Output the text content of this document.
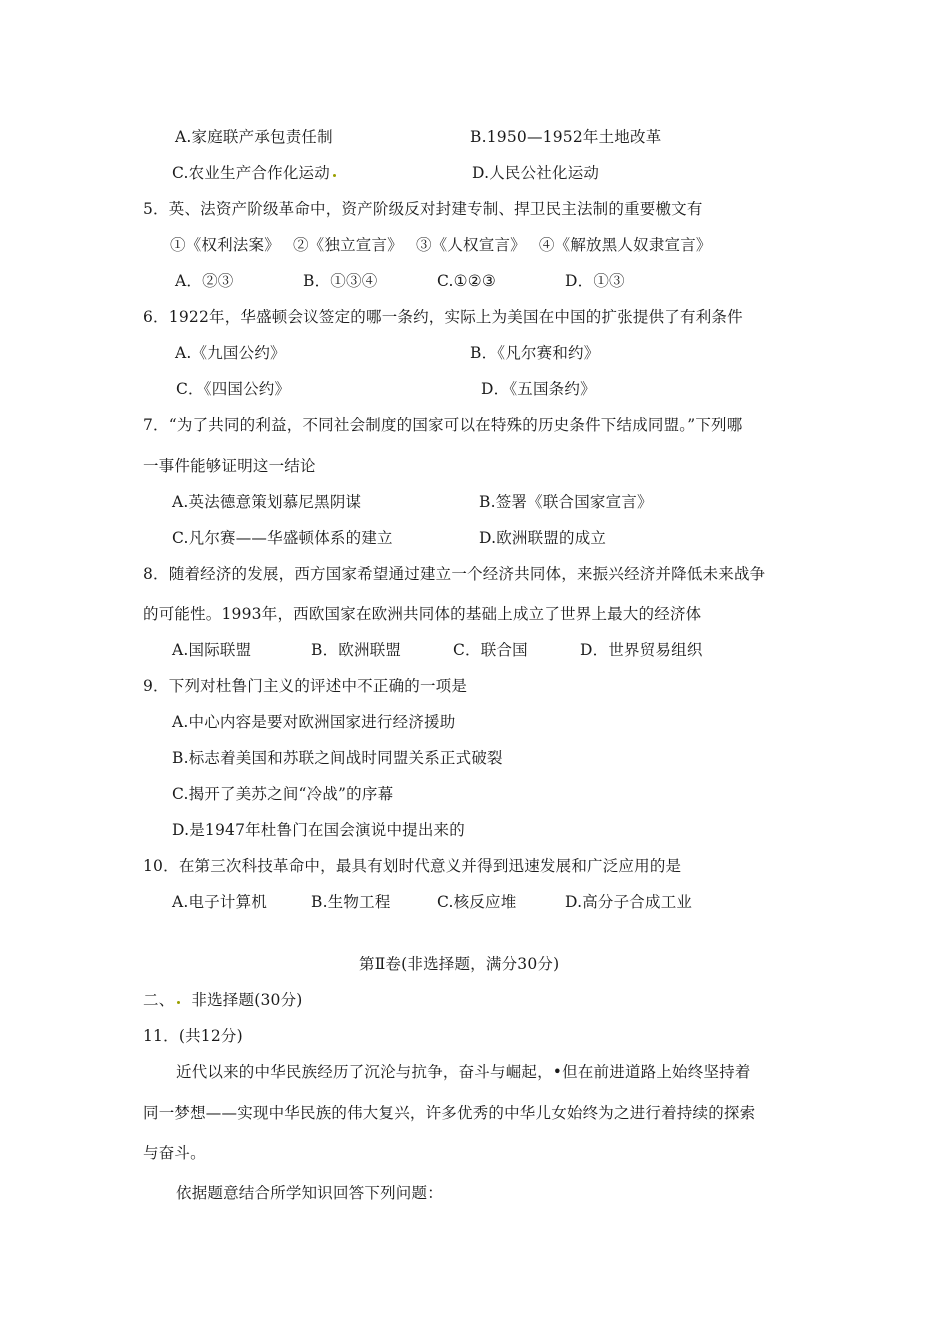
A.家庭联产承包责任制	B.1950—1952年土地改革
C.农业生产合作化运动	D.人民公社化运动
5．英、法资产阶级革命中，资产阶级反对封建专制、捍卫民主法制的重要檄文有
①《权利法案》　 ②《独立宣言》　 ③《人权宣言》　 ④《解放黑人奴隶宣言》
A．②③	B．①③④	C.①②③	D．①③
6．1922年，华盛顿会议签定的哪一条约，实际上为美国在中国的扩张提供了有利条件
A.《九国公约》	B．《凡尔赛和约》
C．《四国公约》	D．《五国条约》
7．“为了共同的利益，不同社会制度的国家可以在特殊的历史条件下结成同盟。”下列哪
一事件能够证明这一结论
A.英法德意策划慕尼黑阴谋	B.签署《联合国家宣言》
C.凡尔赛——华盛顿体系的建立	D.欧洲联盟的成立
8．随着经济的发展，西方国家希望通过建立一个经济共同体，来振兴经济并降低未来战争
的可能性。1993年，西欧国家在欧洲共同体的基础上成立了世界上最大的经济体
A.国际联盟	B．欧洲联盟	C．联合国	D．世界贸易组织
9．下列对杜鲁门主义的评述中不正确的一项是
A.中心内容是要对欧洲国家进行经济援助
B.标志着美国和苏联之间战时同盟关系正式破裂
C.揭开了美苏之间“冷战”的序幕
D.是1947年杜鲁门在国会演说中提出来的
10．在第三次科技革命中，最具有划时代意义并得到迅速发展和广泛应用的是
A.电子计算机	B.生物工程	C.核反应堆	D.高分子合成工业
第Ⅱ卷(非选择题，满分30分)
二、 非选择题(30分)
11．(共12分)
近代以来的中华民族经历了沉沦与抗争，奋斗与崛起，•但在前进道路上始终坚持着
同一梦想——实现中华民族的伟大复兴，许多优秀的中华儿女始终为之进行着持续的探索
与奋斗。
依据题意结合所学知识回答下列问题：
